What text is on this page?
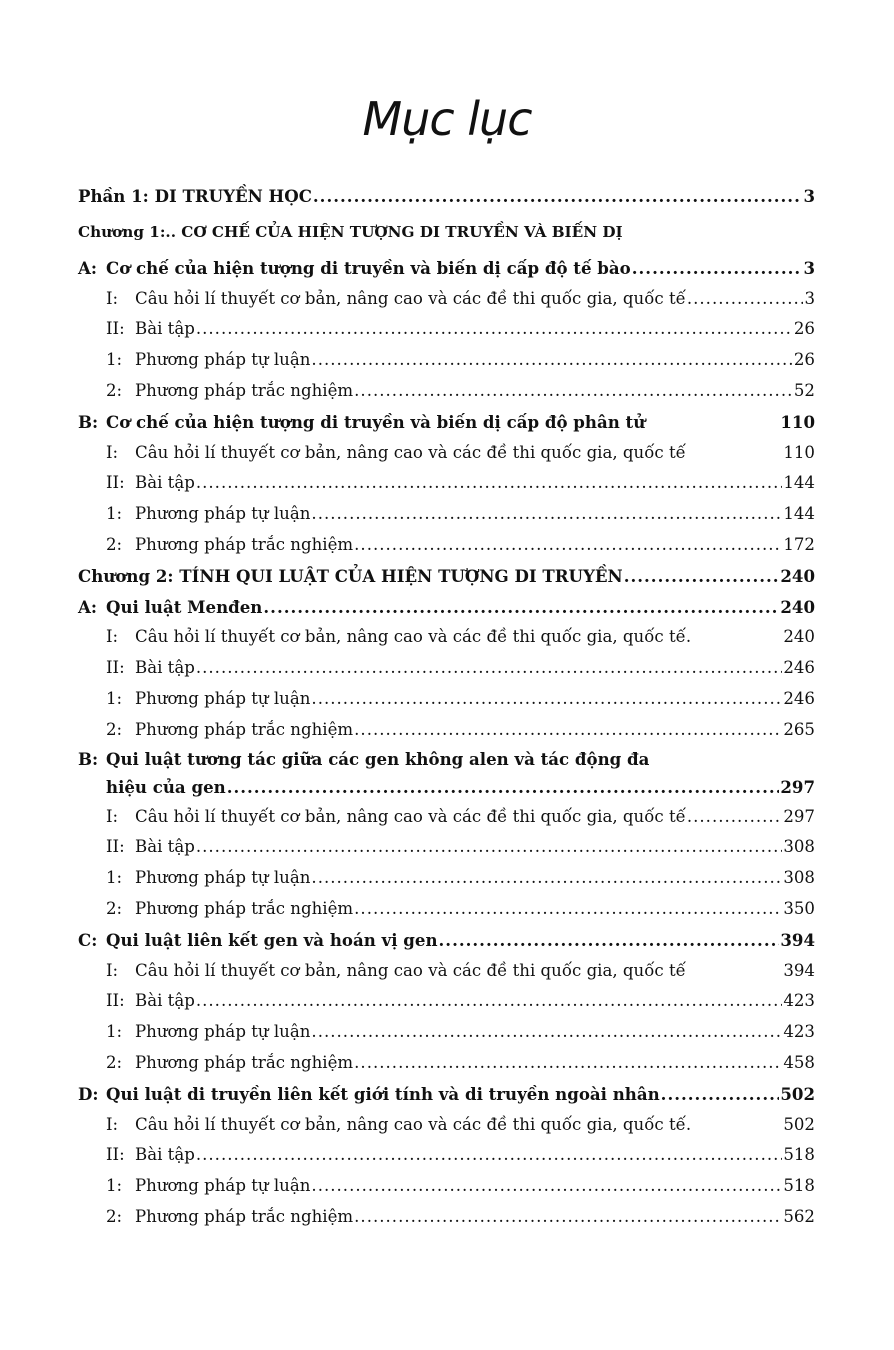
Mục lục
Phần 1: DI TRUYỀN HỌC .....	3
Chương 1:.. CƠ CHẾ CỦA HIỆN TƯỢNG DI TRUYỀN VÀ BIẾN DỊ
A: Cơ chế của hiện tượng di truyền và biến dị cấp độ tế bào .....	3
I:	Câu hỏi lí thuyết cơ bản, nâng cao và các đề thi quốc gia, quốc tế .....	3
II: Bài tập .....	26
1: Phương pháp tự luận .....	26
2: Phương pháp trắc nghiệm .....	52
B: Cơ chế của hiện tượng di truyền và biến dị cấp độ phân tử	110
I:	Câu hỏi lí thuyết cơ bản, nâng cao và các đề thi quốc gia, quốc tế	110
II: Bài tập .....	144
1: Phương pháp tự luận .....	144
2: Phương pháp trắc nghiệm .....	172
Chương 2: TÍNH QUI LUẬT CỦA HIỆN TƯỢNG DI TRUYỀN .....	240
A: Qui luật Menđen .....	240
I:	Câu hỏi lí thuyết cơ bản, nâng cao và các đề thi quốc gia, quốc tế.	240
II: Bài tập .....	246
1: Phương pháp tự luận .....	246
2: Phương pháp trắc nghiệm .....	265
B: Qui luật tương tác giữa các gen không alen và tác động đa
hiệu của gen .....	297
I:	Câu hỏi lí thuyết cơ bản, nâng cao và các đề thi quốc gia, quốc tế .....	297
II: Bài tập .....	308
1: Phương pháp tự luận .....	308
2: Phương pháp trắc nghiệm .....	350
C: Qui luật liên kết gen và hoán vị gen .....	394
I:	Câu hỏi lí thuyết cơ bản, nâng cao và các đề thi quốc gia, quốc tế	394
II: Bài tập .....	423
1: Phương pháp tự luận .....	423
2: Phương pháp trắc nghiệm .....	458
D: Qui luật di truyền liên kết giới tính và di truyền ngoài nhân .....	502
I:	Câu hỏi lí thuyết cơ bản, nâng cao và các đề thi quốc gia, quốc tế.	502
II: Bài tập .....	518
1: Phương pháp tự luận .....	518
2: Phương pháp trắc nghiệm .....	562
